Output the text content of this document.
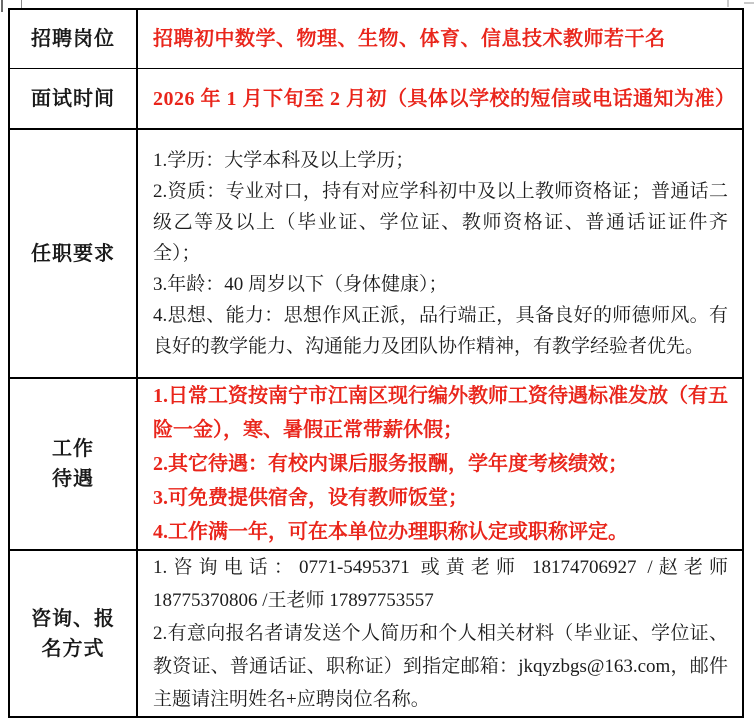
招聘岗位 招聘初中数学、物理、生物、体育、信息技术教师若干名

面试时间 2026 年 1 月下旬至 2 月初（具体以学校的短信或电话通知为准）

任职要求

1.学历：大学本科及以上学历；

2.资质：专业对口，持有对应学科初中及以上教师资格证；普通话二级乙等及以上（毕业证、学位证、教师资格证、普通话证证件齐全）；

3.年龄：40 周岁以下（身体健康）；

4.思想、能力：思想作风正派，品行端正，具备良好的师德师风。有良好的教学能力、沟通能力及团队协作精神，有教学经验者优先。

工作
待遇

1.日常工资按南宁市江南区现行编外教师工资待遇标准发放（有五险一金），寒、暑假正常带薪休假；

2.其它待遇：有校内课后服务报酬，学年度考核绩效；

3.可免费提供宿舍，设有教师饭堂；

4.工作满一年，可在本单位办理职称认定或职称评定。

咨询、报
名方式

1.咨询电话：0771-5495371 或黄老师 18174706927 /赵老师 18775370806 /王老师 17897753557

2.有意向报名者请发送个人简历和个人相关材料（毕业证、学位证、教资证、普通话证、职称证）到指定邮箱：jkqyzbgs@163.com，邮件主题请注明姓名+应聘岗位名称。
